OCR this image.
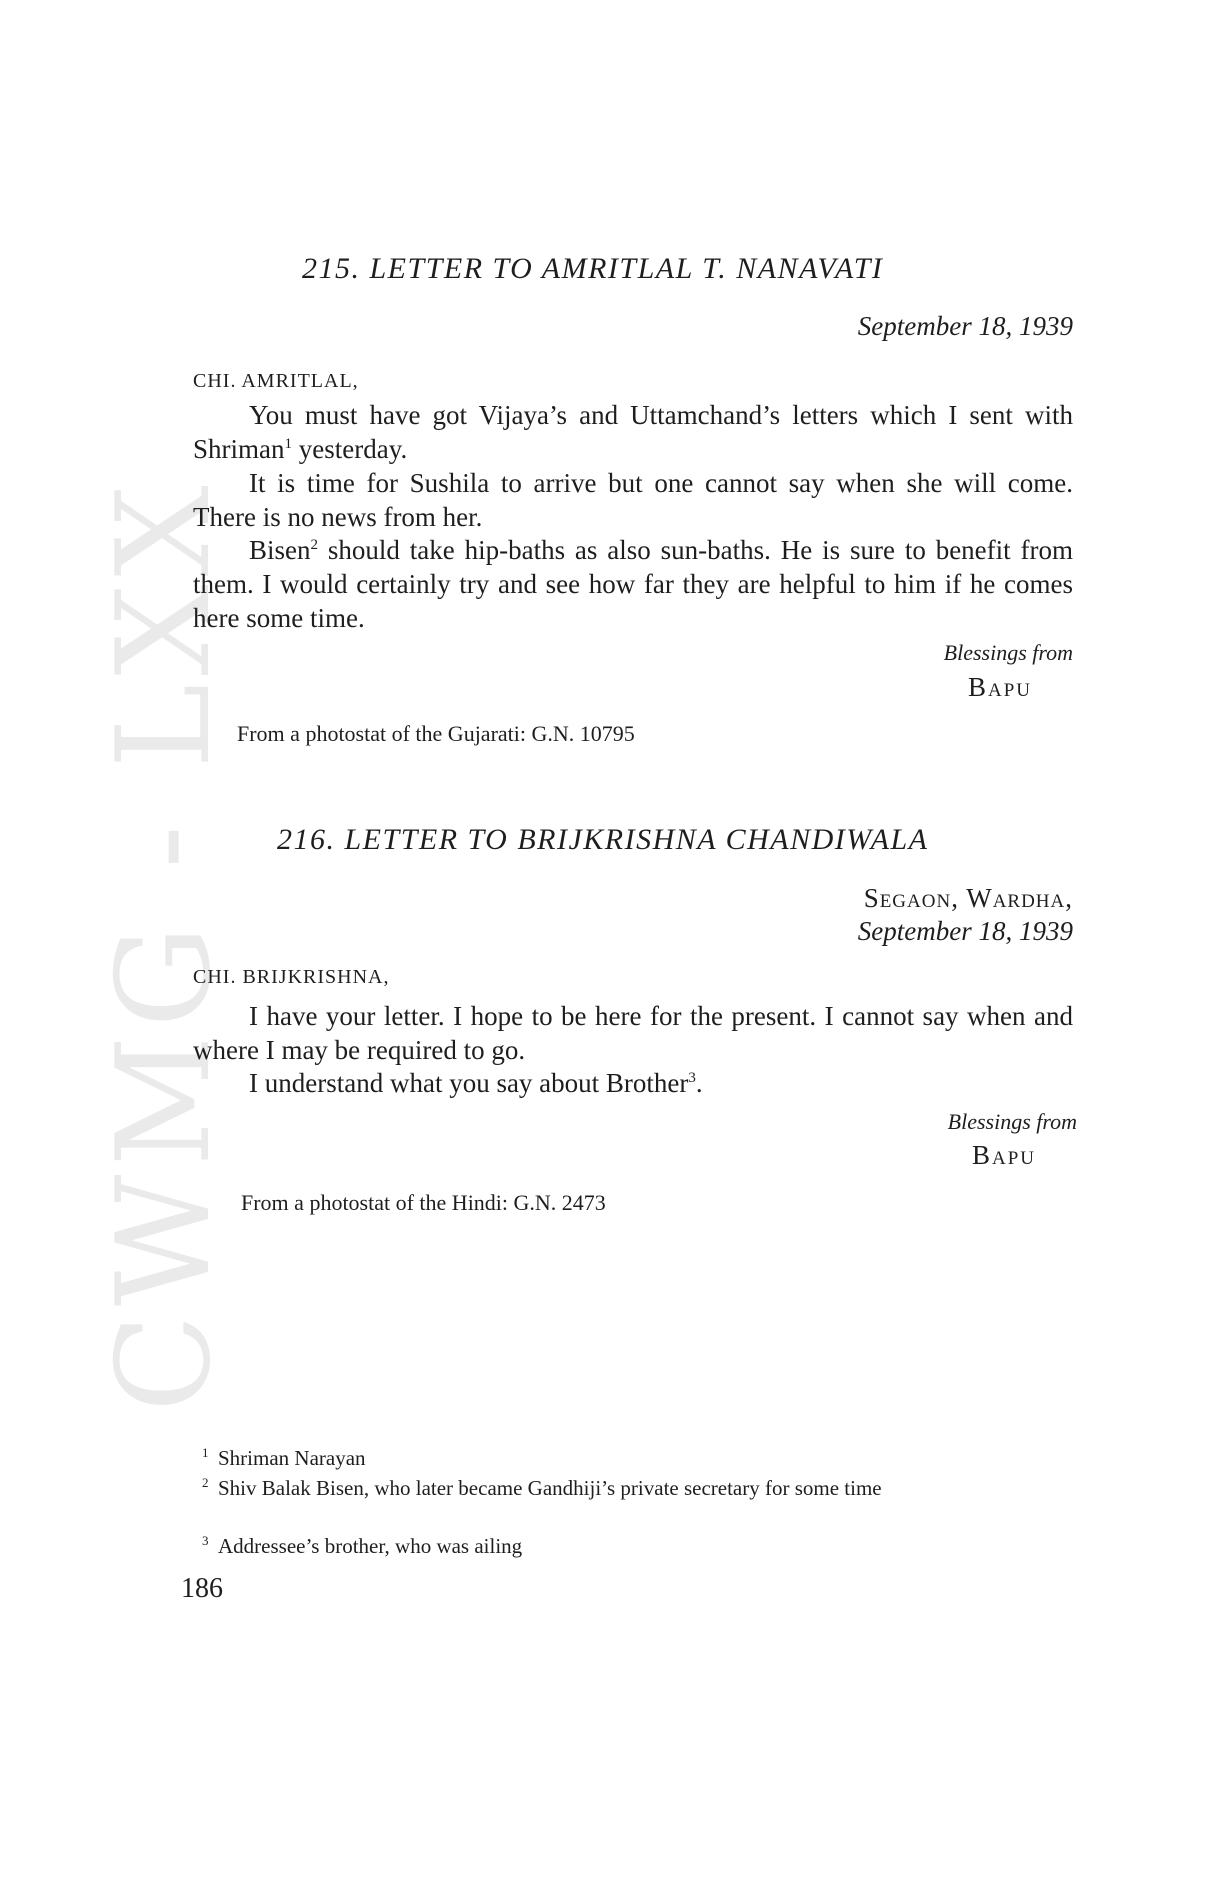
CWMG - LXX
215. LETTER TO AMRITLAL T. NANAVATI
September 18, 1939
CHI. AMRITLAL,

You must have got Vijaya’s and Uttamchand’s letters which I sent with Shriman$^1$ yesterday.

It is time for Sushila to arrive but one cannot say when she will come. There is no news from her.

Bisen$^2$ should take hip-baths as also sun-baths. He is sure to benefit from them. I would certainly try and see how far they are helpful to him if he comes here some time.

Blessings from
Bapu
From a photostat of the Gujarati: G.N. 10795
216. LETTER TO BRIJKRISHNA CHANDIWALA
Segaon, Wardha,
September 18, 1939
CHI. BRIJKRISHNA,

I have your letter. I hope to be here for the present. I cannot say when and where I may be required to go.

I understand what you say about Brother$^3$.

Blessings from
Bapu
From a photostat of the Hindi: G.N. 2473

$^1$ Shriman Narayan

$^2$ Shiv Balak Bisen, who later became Gandhiji’s private secretary for some time

$^3$ Addressee’s brother, who was ailing

186
